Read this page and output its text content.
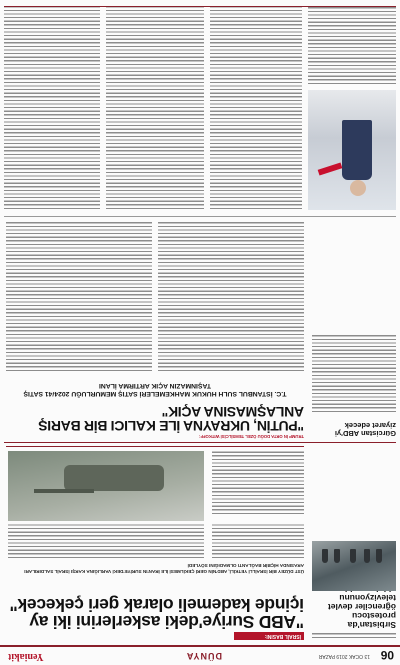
06
13 OCAK 2019 PAZAR
DÜNYA
Yeniakit
Sırbistan'da protestocu öğrenciler devlet televizyonunu
İSRAİL BASINI:
"ABD Suriye'deki askerlerini iki ay içinde kademeli olarak geri çekecek"
ÜST DÜZEY BİR İSRAİLLİ YETKİLİ, ABD'NİN GERİ ÇEKİLMESİ İLE İRAN'IN SURİYE'DEKİ VARLIĞINA KARŞI İSRAİL SALDIRILARI ARASINDA HİÇBİR BAĞLANTI OLMADIĞINI SÖYLEDİ
TRUMP İN ORTA DOĞU ÖZEL TEMSİLCİSİ WITKOFF:
"PUTİN, UKRAYNA İLE KALICI BİR BARIŞ ANLAŞMASINA AÇIK"
Gürcistan ABD'yi ziyaret edecek
T.C. İSTANBUL SULH HUKUK MAHKEMELERİ SATIŞ MEMURLUĞU 2024/41 SATIŞ TAŞINMAZIN AÇIK ARTIRMA İLANI
